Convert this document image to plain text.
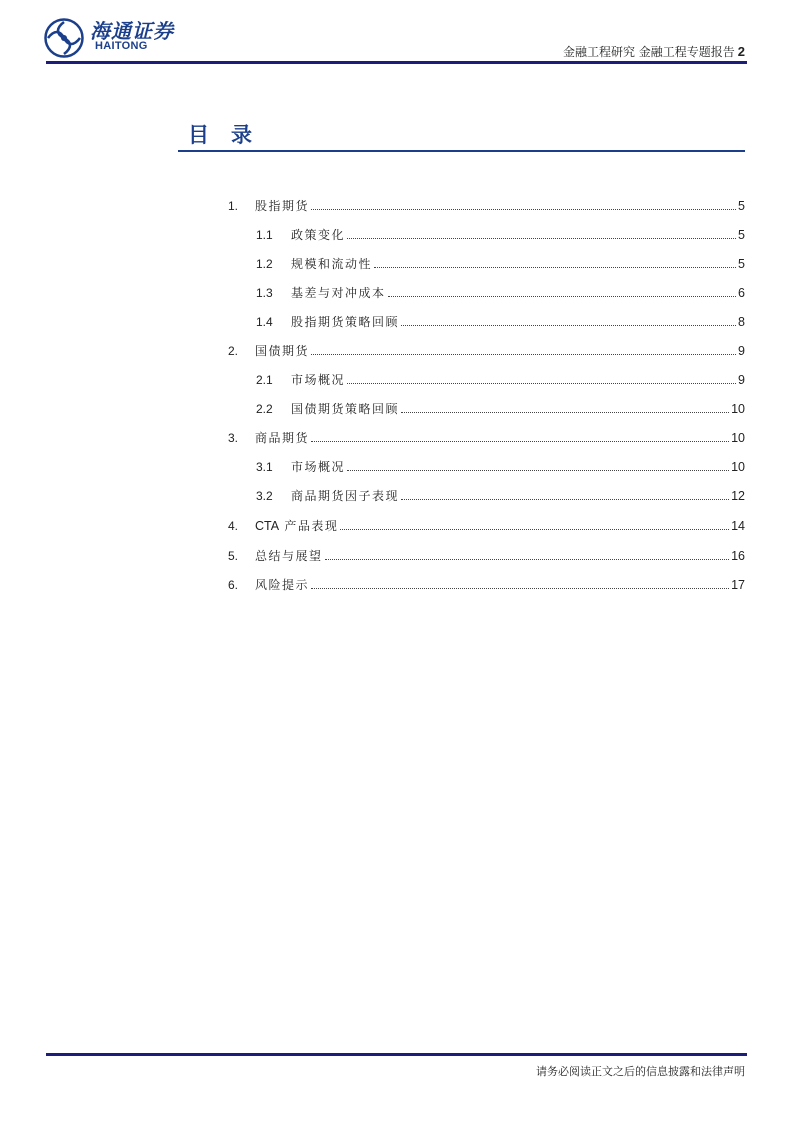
海通证券
HAITONG	金融工程研究 金融工程专题报告 2
目录
1.	股指期货	5
1.1	政策变化	5
1.2	规模和流动性	5
1.3	基差与对冲成本	6
1.4	股指期货策略回顾	8
2.	国债期货	9
2.1	市场概况	9
2.2	国债期货策略回顾	10
3.	商品期货	10
3.1	市场概况	10
3.2	商品期货因子表现	12
4.	CTA 产品表现	14
5.	总结与展望	16
6.	风险提示	17
请务必阅读正文之后的信息披露和法律声明
